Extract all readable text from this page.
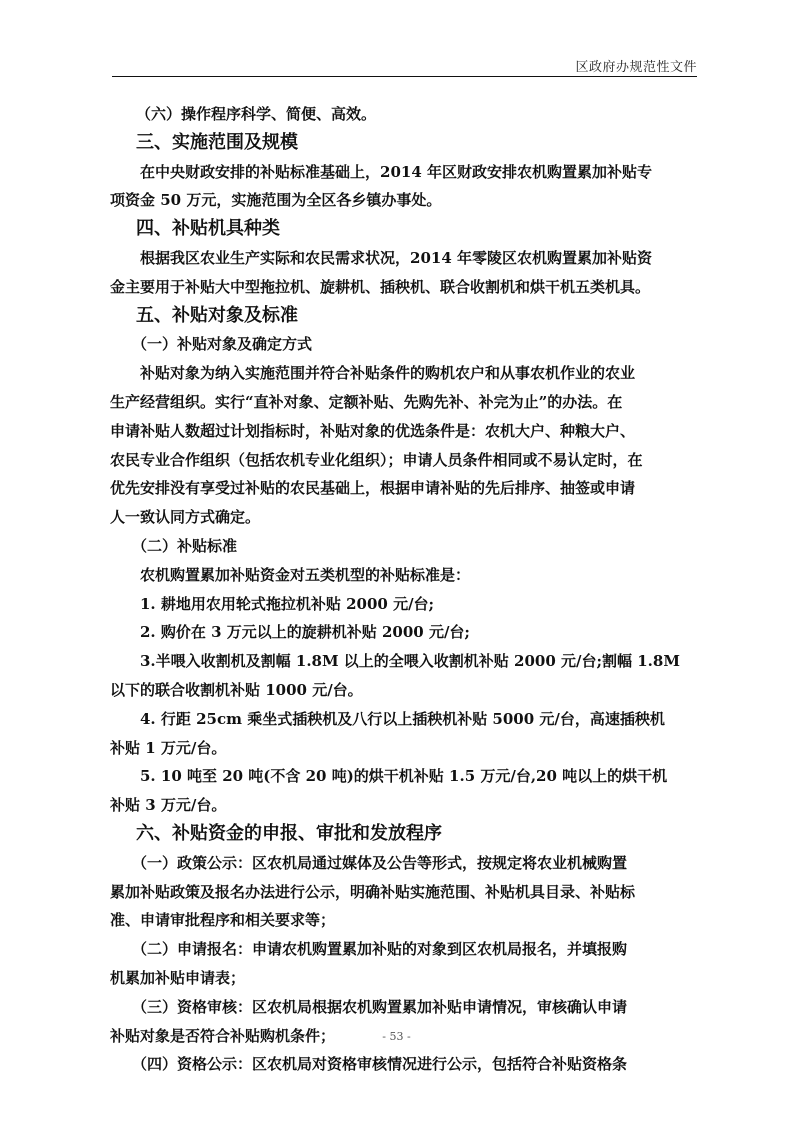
区政府办规范性文件
（六）操作程序科学、简便、高效。
三、实施范围及规模
在中央财政安排的补贴标准基础上，2014 年区财政安排农机购置累加补贴专
项资金 50 万元，实施范围为全区各乡镇办事处。
四、补贴机具种类
根据我区农业生产实际和农民需求状况，2014 年零陵区农机购置累加补贴资
金主要用于补贴大中型拖拉机、旋耕机、插秧机、联合收割机和烘干机五类机具。
五、补贴对象及标准
（一）补贴对象及确定方式
补贴对象为纳入实施范围并符合补贴条件的购机农户和从事农机作业的农业
生产经营组织。实行“直补对象、定额补贴、先购先补、补完为止”的办法。在
申请补贴人数超过计划指标时，补贴对象的优选条件是：农机大户、种粮大户、
农民专业合作组织（包括农机专业化组织）；申请人员条件相同或不易认定时，在
优先安排没有享受过补贴的农民基础上，根据申请补贴的先后排序、抽签或申请
人一致认同方式确定。
（二）补贴标准
农机购置累加补贴资金对五类机型的补贴标准是：
1. 耕地用农用轮式拖拉机补贴 2000 元/台;
2. 购价在 3 万元以上的旋耕机补贴 2000 元/台;
3.半喂入收割机及割幅 1.8M 以上的全喂入收割机补贴 2000 元/台;割幅 1.8M
以下的联合收割机补贴 1000 元/台。
4. 行距 25cm 乘坐式插秧机及八行以上插秧机补贴 5000 元/台，高速插秧机
补贴 1 万元/台。
5. 10 吨至 20 吨(不含 20 吨)的烘干机补贴 1.5 万元/台,20 吨以上的烘干机
补贴 3 万元/台。
六、补贴资金的申报、审批和发放程序
（一）政策公示：区农机局通过媒体及公告等形式，按规定将农业机械购置
累加补贴政策及报名办法进行公示，明确补贴实施范围、补贴机具目录、补贴标
准、申请审批程序和相关要求等；
（二）申请报名：申请农机购置累加补贴的对象到区农机局报名，并填报购
机累加补贴申请表；
（三）资格审核：区农机局根据农机购置累加补贴申请情况，审核确认申请
补贴对象是否符合补贴购机条件；
（四）资格公示：区农机局对资格审核情况进行公示，包括符合补贴资格条
- 53 -
